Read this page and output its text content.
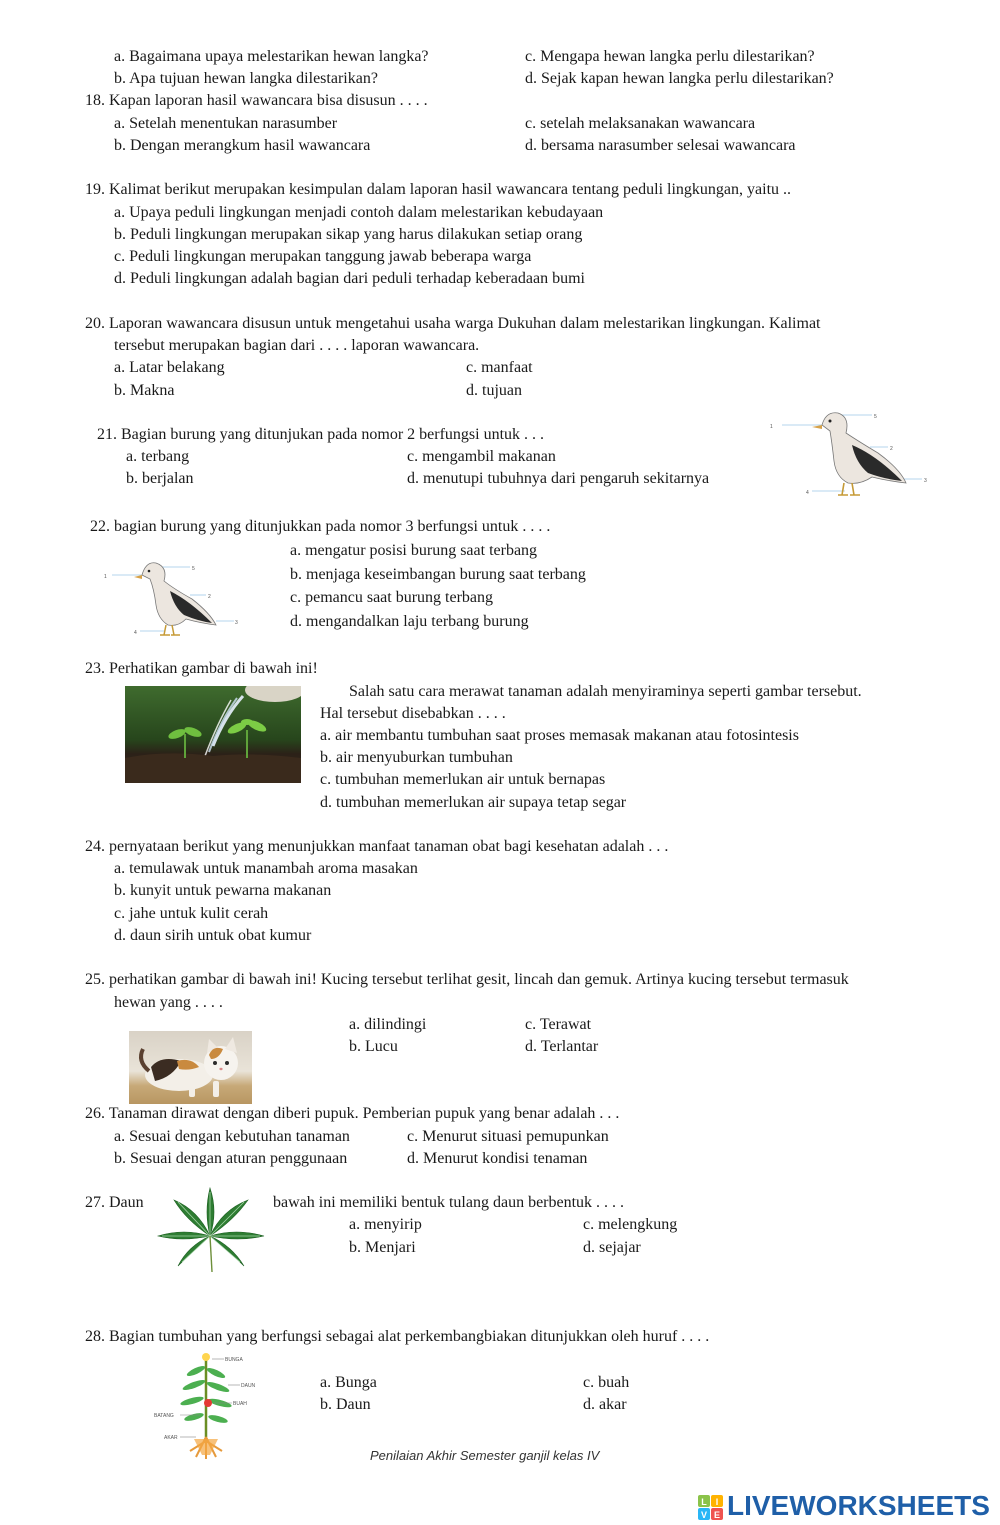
a. Bagaimana upaya melestarikan hewan langka?	c. Mengapa hewan langka perlu dilestarikan?
b. Apa tujuan hewan langka dilestarikan?	d. Sejak kapan hewan langka perlu dilestarikan?
18. Kapan laporan hasil wawancara bisa disusun . . . .
a. Setelah menentukan narasumber	c. setelah melaksanakan wawancara
b. Dengan merangkum hasil wawancara	d. bersama narasumber selesai wawancara
19. Kalimat berikut merupakan kesimpulan dalam laporan hasil wawancara tentang peduli lingkungan, yaitu ..
a. Upaya peduli lingkungan menjadi contoh dalam melestarikan kebudayaan
b. Peduli lingkungan merupakan sikap yang harus dilakukan setiap orang
c. Peduli lingkungan merupakan tanggung jawab beberapa warga
d. Peduli lingkungan adalah bagian dari peduli terhadap keberadaan bumi
20. Laporan wawancara disusun untuk mengetahui usaha warga Dukuhan dalam melestarikan lingkungan. Kalimat
tersebut merupakan bagian dari . . . . laporan wawancara.
a. Latar belakang	c. manfaat
b. Makna	d. tujuan
21. Bagian burung yang ditunjukan pada nomor 2 berfungsi untuk . . .
a. terbang	c. mengambil makanan
b. berjalan	d. menutupi tubuhnya dari pengaruh sekitarnya
1
5
2
3
4
22. bagian burung yang ditunjukkan pada nomor 3 berfungsi untuk . . . .
a. mengatur posisi burung saat terbang
b. menjaga keseimbangan burung saat terbang
c. pemancu saat burung terbang
d. mengandalkan laju terbang burung
1
5
2
3
4
23. Perhatikan gambar di bawah ini!
Salah satu cara merawat tanaman adalah menyiraminya seperti gambar tersebut.
Hal tersebut disebabkan . . . .
a. air membantu tumbuhan saat proses memasak makanan atau fotosintesis
b. air menyuburkan tumbuhan
c. tumbuhan memerlukan air untuk bernapas
d. tumbuhan memerlukan air supaya tetap segar
24. pernyataan berikut yang menunjukkan manfaat tanaman obat bagi kesehatan adalah . . .
a. temulawak untuk manambah aroma masakan
b. kunyit untuk pewarna makanan
c. jahe untuk kulit cerah
d. daun sirih untuk obat kumur
25. perhatikan gambar di bawah ini! Kucing tersebut terlihat gesit, lincah dan gemuk. Artinya kucing tersebut termasuk
hewan yang . . . .
a. dilindingi	c. Terawat
b. Lucu	d. Terlantar
26. Tanaman dirawat dengan diberi pupuk. Pemberian pupuk yang benar adalah . . .
a. Sesuai dengan kebutuhan tanaman	c. Menurut situasi pemupunkan
b. Sesuai dengan aturan penggunaan	d. Menurut kondisi tenaman
27. Daun	bawah ini memiliki bentuk tulang daun berbentuk . . . .
a. menyirip	c. melengkung
b. Menjari	d. sejajar
28. Bagian tumbuhan yang berfungsi sebagai alat perkembangbiakan ditunjukkan oleh huruf . . . .
a. Bunga	c. buah
b. Daun	d. akar
BUNGA
DAUN
BUAH
BATANG
AKAR
Penilaian Akhir Semester ganjil kelas IV
L I
V E LIVEWORKSHEETS
